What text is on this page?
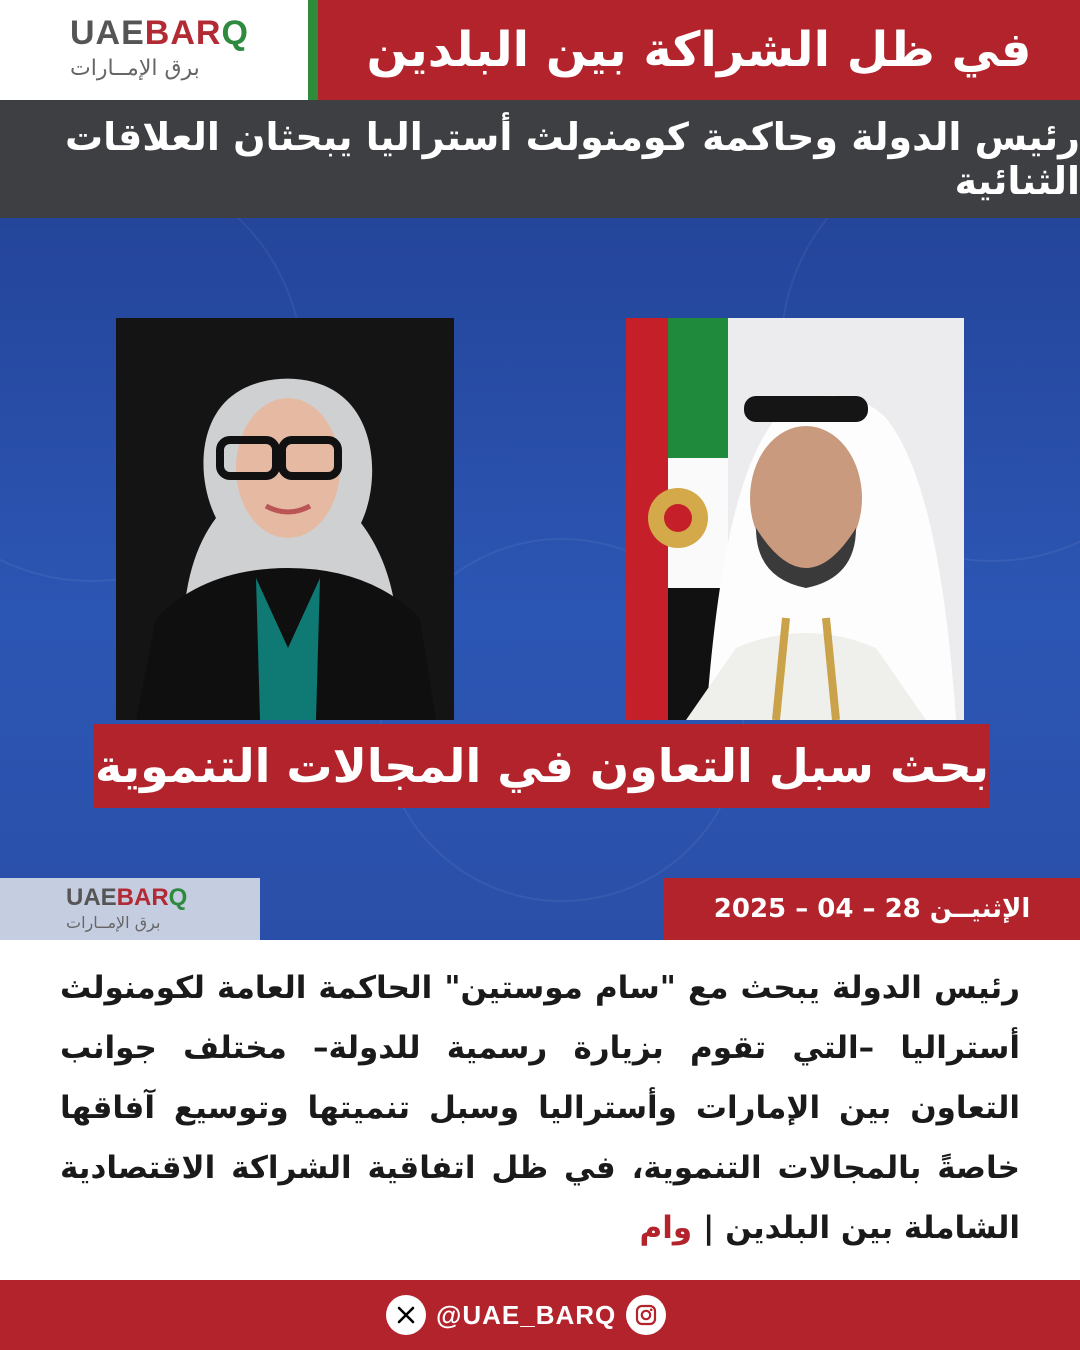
UAEBARQ
برق الإمــارات	في ظل الشراكة بين البلدين
رئيس الدولة وحاكمة كومنولث أستراليا يبحثان العلاقات الثنائية
بحث سبل التعاون في المجالات التنموية
UAEBARQ
برق الإمــارات	الإثنيــن 28 – 04 – 2025
رئيس الدولة يبحث مع "سام موستين" الحاكمة العامة لكومنولث أستراليا –التي تقوم بزيارة رسمية للدولة– مختلف جوانب التعاون بين الإمارات وأستراليا وسبل تنميتها وتوسيع آفاقها خاصةً بالمجالات التنموية، في ظل اتفاقية الشراكة الاقتصادية الشاملة بين البلدين | وام
@UAE_BARQ
